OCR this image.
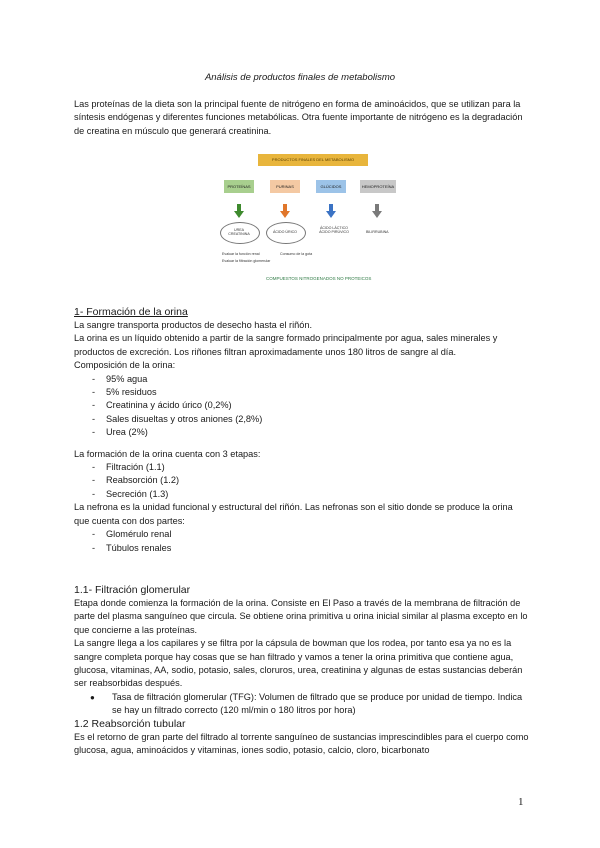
Análisis de productos finales de metabolismo
Las proteínas de la dieta son la principal fuente de nitrógeno en forma de aminoácidos, que se utilizan para la síntesis endógenas y diferentes funciones metabólicas. Otra fuente importante de nitrógeno es la degradación de creatina en músculo que generará creatinina.
PRODUCTOS FINALES DEL METABOLISMO
PROTEÍNAS	PURINAS	GLÚCIDOS	HEMOPROTEÍNA
UREA CREATININA	ÁCIDO ÚRICO
ÁCIDO LÁCTICO ÁCIDO PIRÚVICO	BILIRRUBINA
Evaluar la función renal
Evaluar la filtración glomerular
Consumo de la gota
COMPUESTOS NITROGENADOS NO PROTEICOS
1- Formación de la orina
La sangre transporta productos de desecho hasta el riñón.
La orina es un líquido obtenido a partir de la sangre formado principalmente por agua, sales minerales y productos de excreción. Los riñones filtran aproximadamente unos 180 litros de sangre al día.
Composición de la orina:
- 95% agua
- 5% residuos
- Creatinina y ácido úrico (0,2%)
- Sales disueltas y otros aniones (2,8%)
- Urea (2%)
La formación de la orina cuenta con 3 etapas:
- Filtración (1.1)
- Reabsorción (1.2)
- Secreción (1.3)
La nefrona es la unidad funcional y estructural del riñón. Las nefronas son el sitio donde se produce la orina que cuenta con dos partes:
- Glomérulo renal
- Túbulos renales
1.1- Filtración glomerular
Etapa donde comienza la formación de la orina. Consiste en El Paso a través de la membrana de filtración de parte del plasma sanguíneo que circula. Se obtiene orina primitiva u orina inicial similar al plasma excepto en lo que concierne a las proteínas.
La sangre llega a los capilares y se filtra por la cápsula de bowman que los rodea, por tanto esa ya no es la sangre completa porque hay cosas que se han filtrado y vamos a tener la orina primitiva que contiene agua, glucosa, vitaminas, AA, sodio, potasio, sales, cloruros, urea, creatinina y algunas de estas sustancias deberán ser reabsorbidas después.
● Tasa de filtración glomerular (TFG): Volumen de filtrado que se produce por unidad de tiempo. Indica se hay un filtrado correcto (120 ml/min o 180 litros por hora)
1.2 Reabsorción tubular
Es el retorno de gran parte del filtrado al torrente sanguíneo de sustancias imprescindibles para el cuerpo como glucosa, agua, aminoácidos y vitaminas, iones sodio, potasio, calcio, cloro, bicarbonato
1
